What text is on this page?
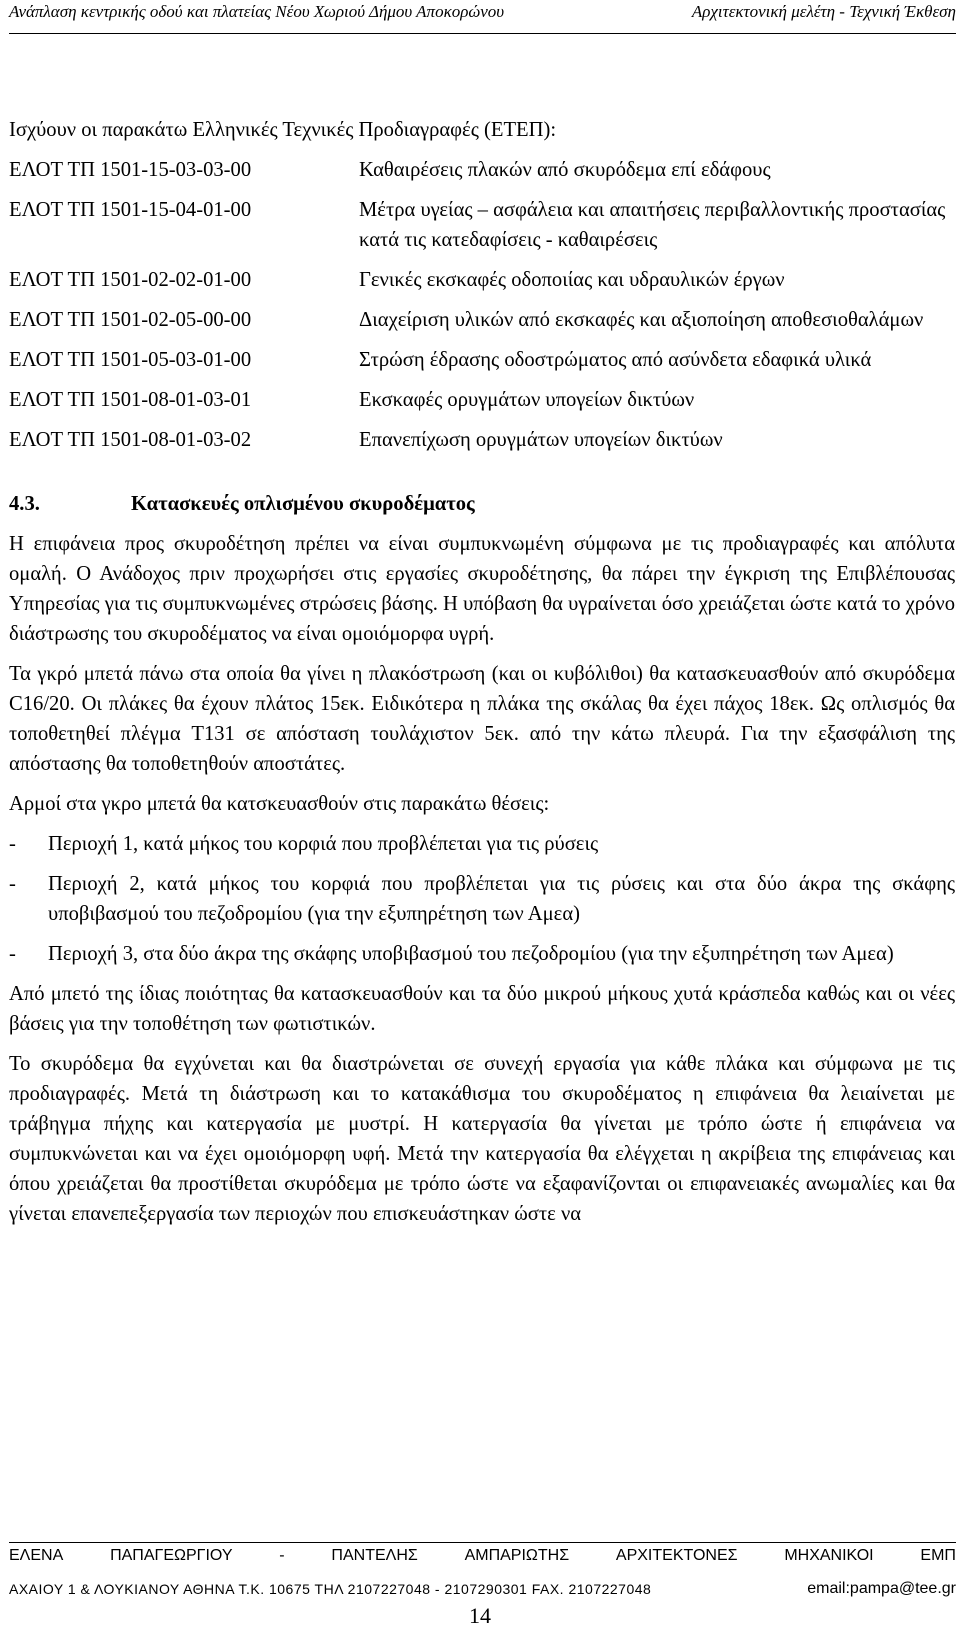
Ανάπλαση κεντρικής οδού και πλατείας Νέου Χωριού Δήμου Αποκορώνου	Αρχιτεκτονική μελέτη - Τεχνική Έκθεση

Ισχύουν οι παρακάτω Ελληνικές Τεχνικές Προδιαγραφές (ΕΤΕΠ):

ΕΛΟΤ ΤΠ 1501-15-03-03-00	Καθαιρέσεις πλακών από σκυρόδεμα επί εδάφους
ΕΛΟΤ ΤΠ 1501-15-04-01-00	Μέτρα υγείας – ασφάλεια και απαιτήσεις περιβαλλοντικής προστασίας κατά τις κατεδαφίσεις - καθαιρέσεις
ΕΛΟΤ ΤΠ 1501-02-02-01-00	Γενικές εκσκαφές οδοποιίας και υδραυλικών έργων
ΕΛΟΤ ΤΠ 1501-02-05-00-00	Διαχείριση υλικών από εκσκαφές και αξιοποίηση αποθεσιοθαλάμων
ΕΛΟΤ ΤΠ 1501-05-03-01-00	Στρώση έδρασης οδοστρώματος από ασύνδετα εδαφικά υλικά
ΕΛΟΤ ΤΠ 1501-08-01-03-01	Εκσκαφές ορυγμάτων υπογείων δικτύων
ΕΛΟΤ ΤΠ 1501-08-01-03-02	Επανεπίχωση ορυγμάτων υπογείων δικτύων
4.3.	Κατασκευές οπλισμένου σκυροδέματος

Η επιφάνεια προς σκυροδέτηση πρέπει να είναι συμπυκνωμένη σύμφωνα με τις προδιαγραφές και απόλυτα ομαλή. Ο Ανάδοχος πριν προχωρήσει στις εργασίες σκυροδέτησης, θα πάρει την έγκριση της Επιβλέπουσας Υπηρεσίας για τις συμπυκνωμένες στρώσεις βάσης. Η υπόβαση θα υγραίνεται όσο χρειάζεται ώστε κατά το χρόνο διάστρωσης του σκυροδέματος να είναι ομοιόμορφα υγρή.

Τα γκρό μπετά πάνω στα οποία θα γίνει η πλακόστρωση (και οι κυβόλιθοι) θα κατασκευασθούν από σκυρόδεμα C16/20. Οι πλάκες θα έχουν πλάτος 15εκ. Ειδικότερα η πλάκα της σκάλας θα έχει πάχος 18εκ. Ως οπλισμός θα τοποθετηθεί πλέγμα T131 σε απόσταση τουλάχιστον 5εκ. από την κάτω πλευρά. Για την εξασφάλιση της απόστασης θα τοποθετηθούν αποστάτες.

Αρμοί στα γκρο μπετά θα κατσκευασθούν στις παρακάτω θέσεις:

-	Περιοχή 1, κατά μήκος του κορφιά που προβλέπεται για τις ρύσεις
-	Περιοχή 2, κατά μήκος του κορφιά που προβλέπεται για τις ρύσεις και στα δύο άκρα της σκάφης υποβιβασμού του πεζοδρομίου (για την εξυπηρέτηση των Αμεα)
-	Περιοχή 3, στα δύο άκρα της σκάφης υποβιβασμού του πεζοδρομίου (για την εξυπηρέτηση των Αμεα)

Από μπετό της ίδιας ποιότητας θα κατασκευασθούν και τα δύο μικρού μήκους χυτά κράσπεδα καθώς και οι νέες βάσεις για την τοποθέτηση των φωτιστικών.

Το σκυρόδεμα θα εγχύνεται και θα διαστρώνεται σε συνεχή εργασία για κάθε πλάκα και σύμφωνα με τις προδιαγραφές. Μετά τη διάστρωση και το κατακάθισμα του σκυροδέματος η επιφάνεια θα λειαίνεται με τράβηγμα πήχης και κατεργασία με μυστρί. Η κατεργασία θα γίνεται με τρόπο ώστε ή επιφάνεια να συμπυκνώνεται και να έχει ομοιόμορφη υφή. Μετά την κατεργασία θα ελέγχεται η ακρίβεια της επιφάνειας και όπου χρειάζεται θα προστίθεται σκυρόδεμα με τρόπο ώστε να εξαφανίζονται οι επιφανειακές ανωμαλίες και θα γίνεται επανεπεξεργασία των περιοχών που επισκευάστηκαν ώστε να

ΕΛΕΝΑ	ΠΑΠΑΓΕΩΡΓΙΟΥ	-	ΠΑΝΤΕΛΗΣ	ΑΜΠΑΡΙΩΤΗΣ	ΑΡΧΙΤΕΚΤΟΝΕΣ	ΜΗΧΑΝΙΚΟΙ	ΕΜΠ
ΑΧΑΙΟΥ 1 & ΛΟΥΚΙΑΝΟΥ ΑΘΗΝΑ Τ.Κ. 10675 ΤΗΛ 2107227048 - 2107290301 FAX. 2107227048	email:pampa@tee.gr
14
